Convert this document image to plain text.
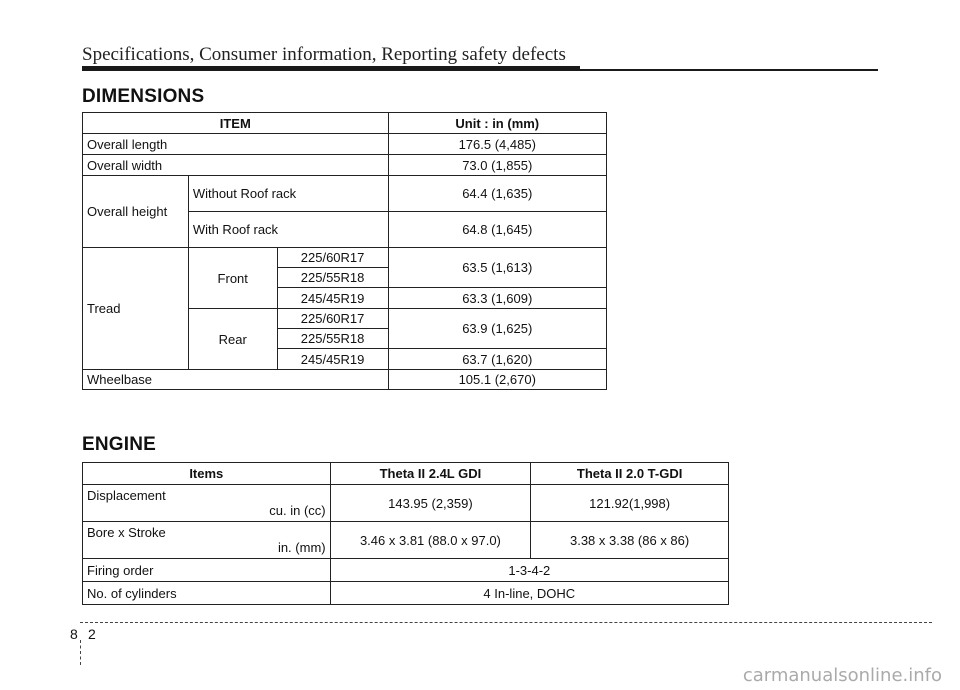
Specifications, Consumer information, Reporting safety defects
DIMENSIONS
ITEM			Unit : in (mm)
Overall length			176.5 (4,485)
Overall width			73.0 (1,855)
Overall height	Without Roof rack		64.4 (1,635)
	With Roof rack		64.8 (1,645)
Tread	Front	225/60R17	63.5 (1,613)
		225/55R18	
		245/45R19	63.3 (1,609)
	Rear	225/60R17	63.9 (1,625)
		225/55R18	
		245/45R19	63.7 (1,620)
Wheelbase			105.1 (2,670)
ENGINE
Items	Theta II 2.4L GDI	Theta II 2.0 T-GDI

Displacement
cu. in (cc)	143.95 (2,359)	121.92(1,998)

Bore x Stroke
in. (mm)	3.46 x 3.81 (88.0 x 97.0)	3.38 x 3.38 (86 x 86)
Firing order	1-3-4-2	
No. of cylinders	4 In-line, DOHC	
8 2
carmanualsonline.info
